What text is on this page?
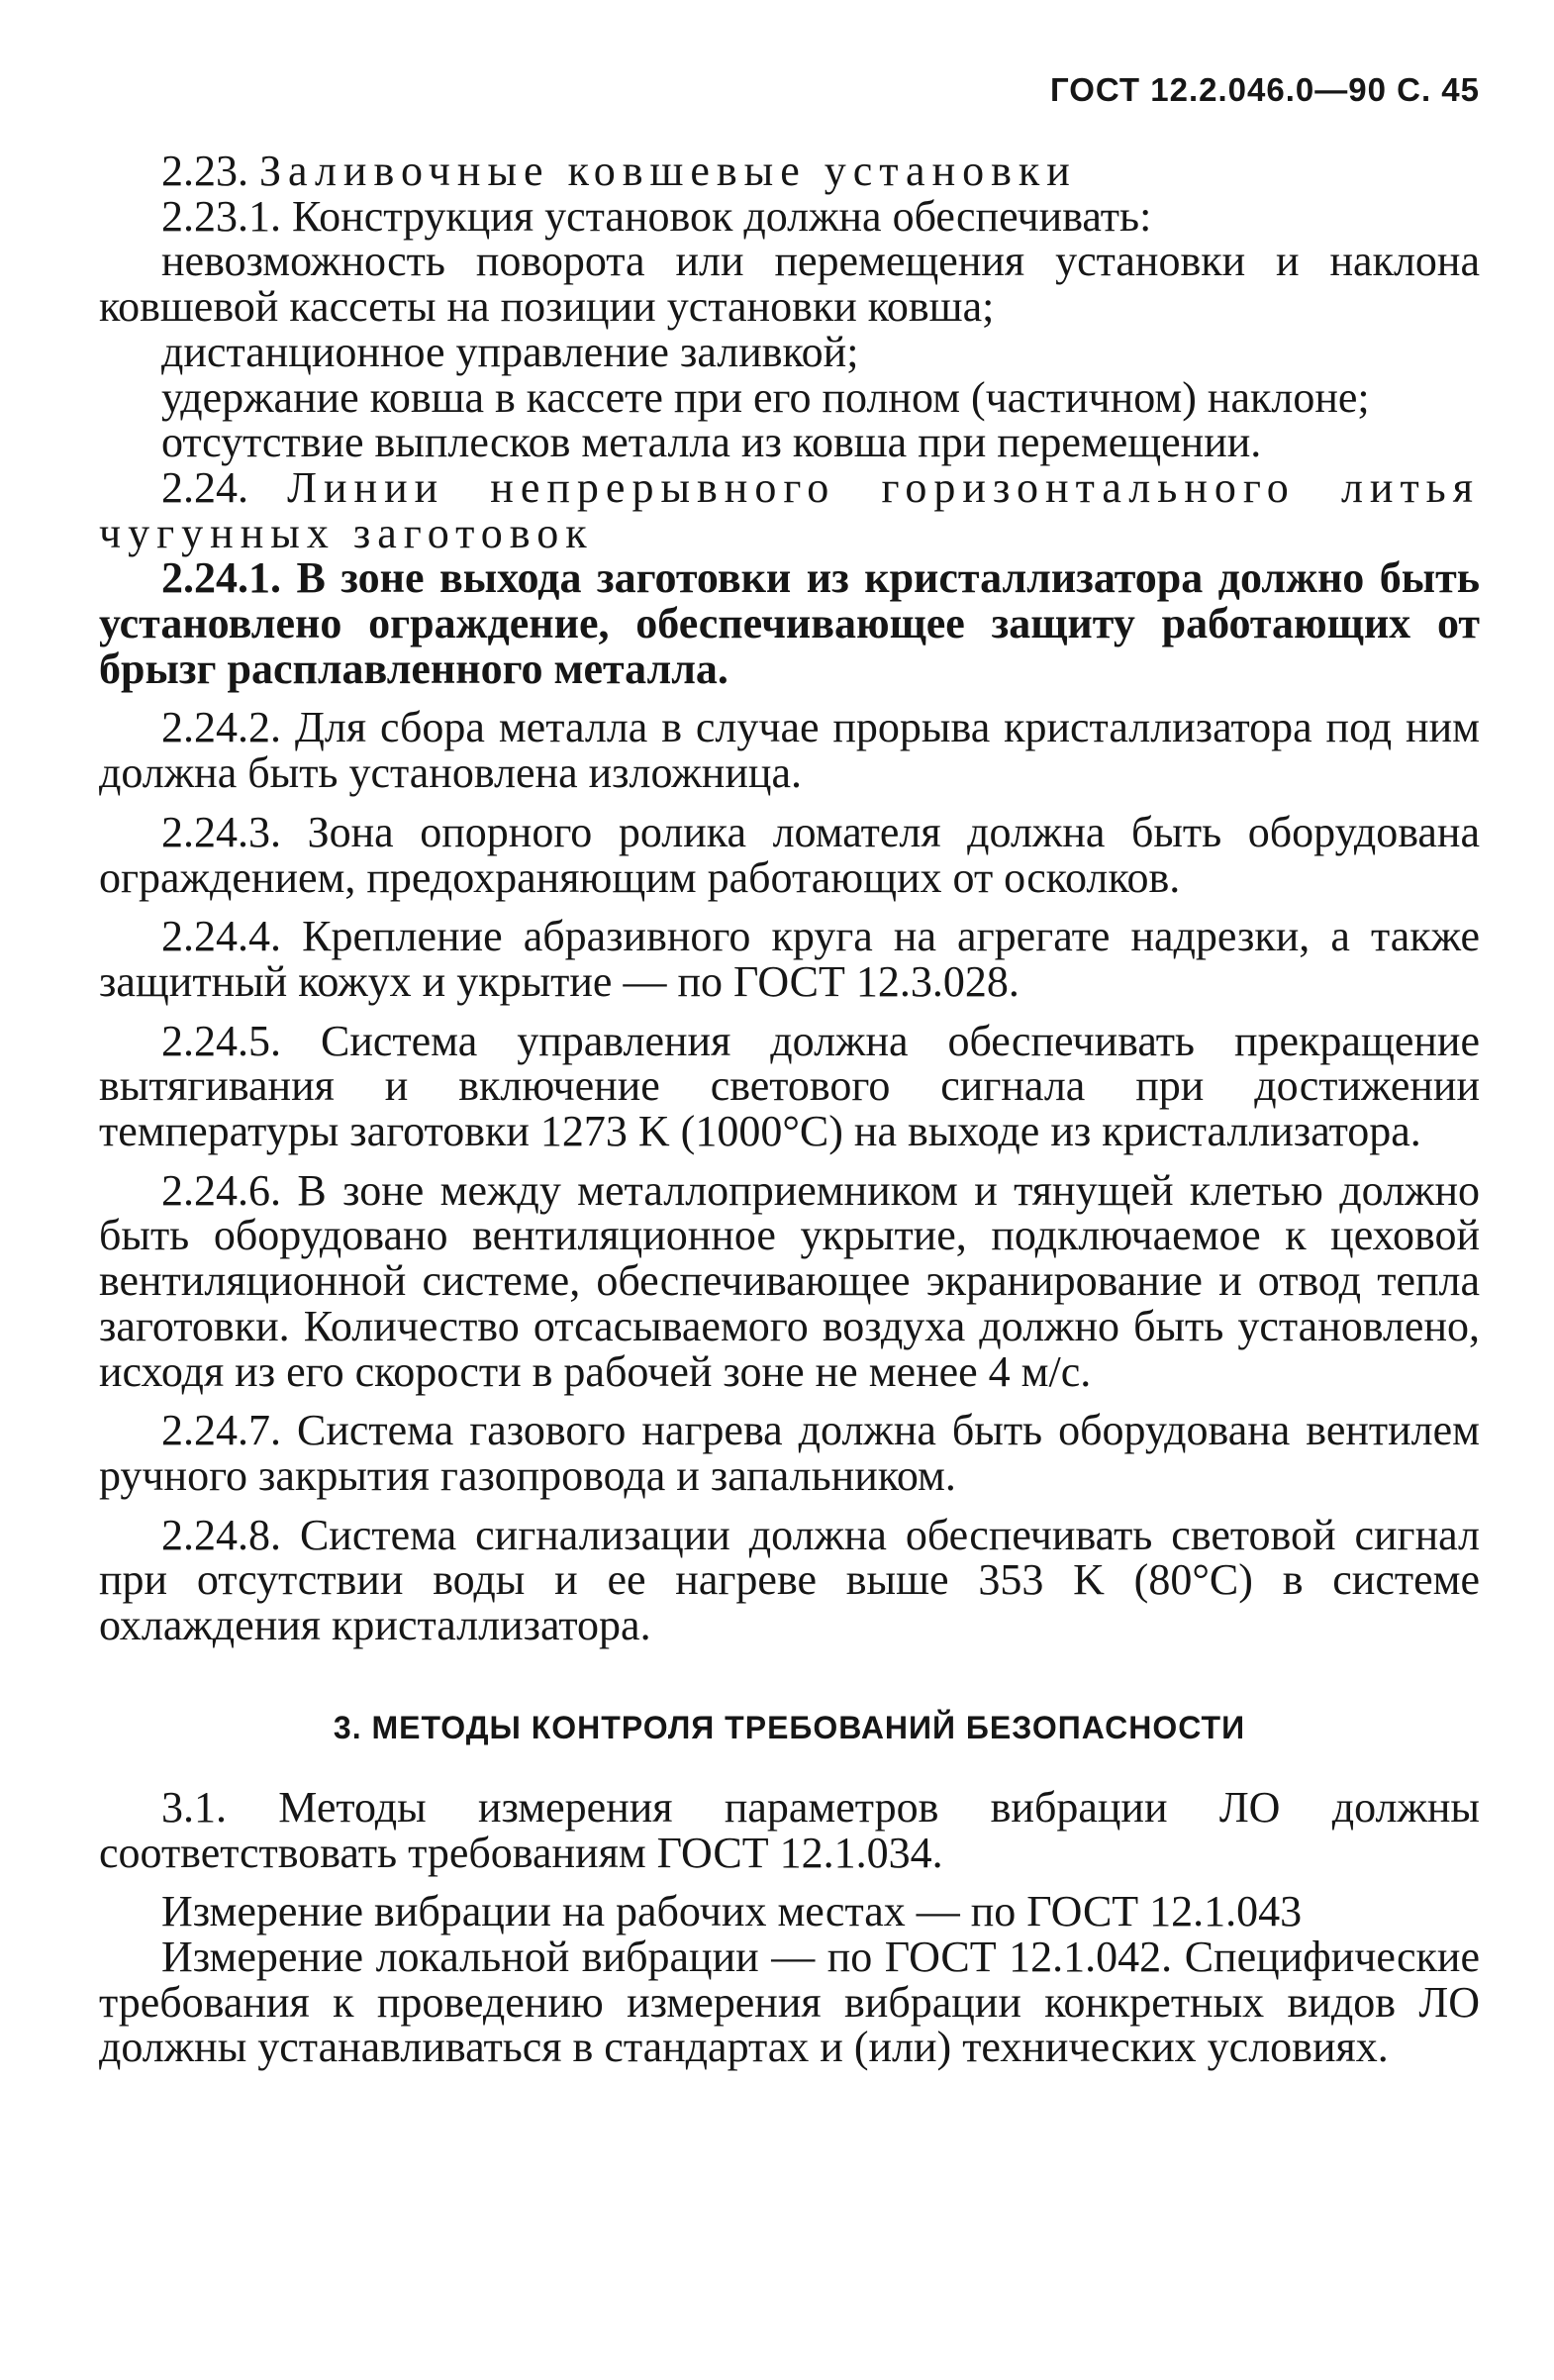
ГОСТ 12.2.046.0—90 С. 45

2.23. Заливочные ковшевые установки

2.23.1. Конструкция установок должна обеспечивать:

невозможность поворота или перемещения установки и наклона ковшевой кассеты на позиции установки ковша;

дистанционное управление заливкой;

удержание ковша в кассете при его полном (частичном) наклоне;

отсутствие выплесков металла из ковша при перемещении.

2.24. Линии непрерывного горизонтального литья чугунных заготовок

2.24.1. В зоне выхода заготовки из кристаллизатора должно быть установлено ограждение, обеспечивающее защиту работающих от брызг расплавленного металла.

2.24.2. Для сбора металла в случае прорыва кристаллизатора под ним должна быть установлена изложница.

2.24.3. Зона опорного ролика ломателя должна быть оборудована ограждением, предохраняющим работающих от осколков.

2.24.4. Крепление абразивного круга на агрегате надрезки, а также защитный кожух и укрытие — по ГОСТ 12.3.028.

2.24.5. Система управления должна обеспечивать прекращение вытягивания и включение светового сигнала при достижении температуры заготовки 1273 K (1000°C) на выходе из кристаллизатора.

2.24.6. В зоне между металлоприемником и тянущей клетью должно быть оборудовано вентиляционное укрытие, подключаемое к цеховой вентиляционной системе, обеспечивающее экранирование и отвод тепла заготовки. Количество отсасываемого воздуха должно быть установлено, исходя из его скорости в рабочей зоне не менее 4 м/с.

2.24.7. Система газового нагрева должна быть оборудована вентилем ручного закрытия газопровода и запальником.

2.24.8. Система сигнализации должна обеспечивать световой сигнал при отсутствии воды и ее нагреве выше 353 K (80°C) в системе охлаждения кристаллизатора.

3. МЕТОДЫ КОНТРОЛЯ ТРЕБОВАНИЙ БЕЗОПАСНОСТИ

3.1. Методы измерения параметров вибрации ЛО должны соответствовать требованиям ГОСТ 12.1.034.

Измерение вибрации на рабочих местах — по ГОСТ 12.1.043

Измерение локальной вибрации — по ГОСТ 12.1.042. Специфические требования к проведению измерения вибрации конкретных видов ЛО должны устанавливаться в стандартах и (или) технических условиях.
